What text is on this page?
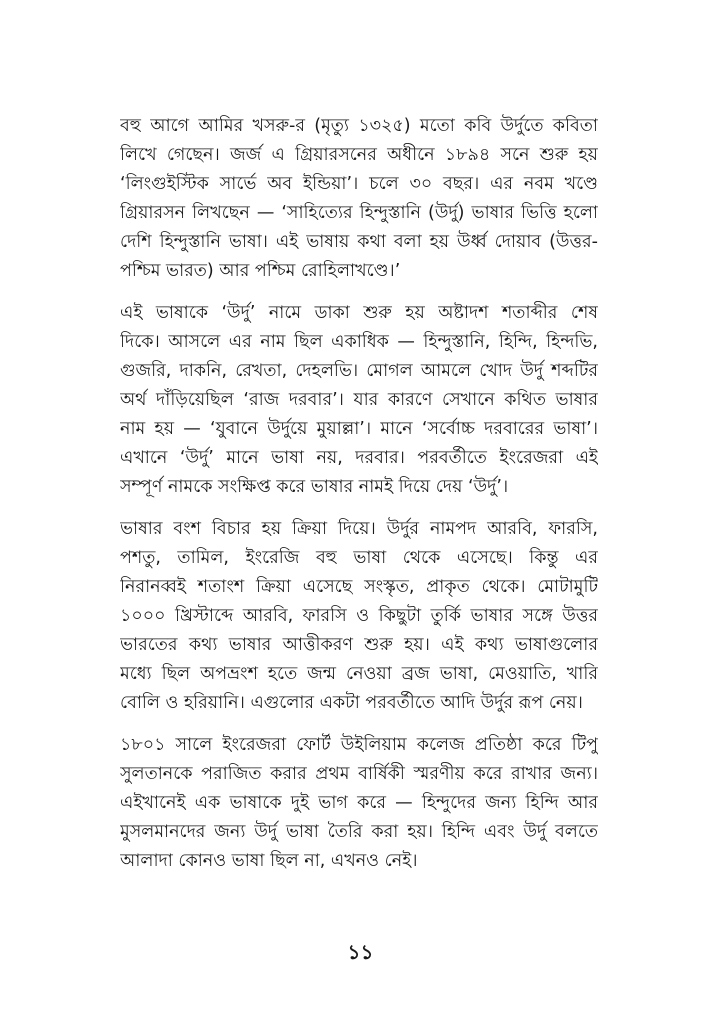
বহু আগে আমির খসরু-র (মৃত্যু ১৩২৫) মতো কবি উর্দুতে কবিতা
লিখে গেছেন। জর্জ এ গ্রিয়ারসনের অধীনে ১৮৯৪ সনে শুরু হয়
‘লিংগুইস্টিক সার্ভে অব ইন্ডিয়া’। চলে ৩০ বছর। এর নবম খণ্ডে
গ্রিয়ারসন লিখছেন — ‘সাহিত্যের হিন্দুস্তানি (উর্দু) ভাষার ভিত্তি হলো
দেশি হিন্দুস্তানি ভাষা। এই ভাষায় কথা বলা হয় উর্ধ্ব দোয়াব (উত্তর-
পশ্চিম ভারত) আর পশ্চিম রোহিলাখণ্ডে।’

এই ভাষাকে ‘উর্দু’ নামে ডাকা শুরু হয় অষ্টাদশ শতাব্দীর শেষ
দিকে। আসলে এর নাম ছিল একাধিক — হিন্দুস্তানি, হিন্দি, হিন্দভি,
গুজরি, দাকনি, রেখতা, দেহলভি। মোগল আমলে খোদ উর্দু শব্দটির
অর্থ দাঁড়িয়েছিল ‘রাজ দরবার’। যার কারণে সেখানে কথিত ভাষার
নাম হয় — ‘যুবানে উর্দুয়ে মুয়াল্লা’। মানে ‘সর্বোচ্চ দরবারের ভাষা’।
এখানে ‘উর্দু’ মানে ভাষা নয়, দরবার। পরবর্তীতে ইংরেজরা এই
সম্পূর্ণ নামকে সংক্ষিপ্ত করে ভাষার নামই দিয়ে দেয় ‘উর্দু’।

ভাষার বংশ বিচার হয় ক্রিয়া দিয়ে। উর্দুর নামপদ আরবি, ফারসি,
পশতু, তামিল, ইংরেজি বহু ভাষা থেকে এসেছে। কিন্তু এর
নিরানব্বই শতাংশ ক্রিয়া এসেছে সংস্কৃত, প্রাকৃত থেকে। মোটামুটি
১০০০ খ্রিস্টাব্দে আরবি, ফারসি ও কিছুটা তুর্কি ভাষার সঙ্গে উত্তর
ভারতের কথ্য ভাষার আত্তীকরণ শুরু হয়। এই কথ্য ভাষাগুলোর
মধ্যে ছিল অপভ্রংশ হতে জন্ম নেওয়া ব্রজ ভাষা, মেওয়াতি, খারি
বোলি ও হরিয়ানি। এগুলোর একটা পরবর্তীতে আদি উর্দুর রূপ নেয়।

১৮০১ সালে ইংরেজরা ফোর্ট উইলিয়াম কলেজ প্রতিষ্ঠা করে টিপু
সুলতানকে পরাজিত করার প্রথম বার্ষিকী স্মরণীয় করে রাখার জন্য।
এইখানেই এক ভাষাকে দুই ভাগ করে — হিন্দুদের জন্য হিন্দি আর
মুসলমানদের জন্য উর্দু ভাষা তৈরি করা হয়। হিন্দি এবং উর্দু বলতে
আলাদা কোনও ভাষা ছিল না, এখনও নেই।

১১
